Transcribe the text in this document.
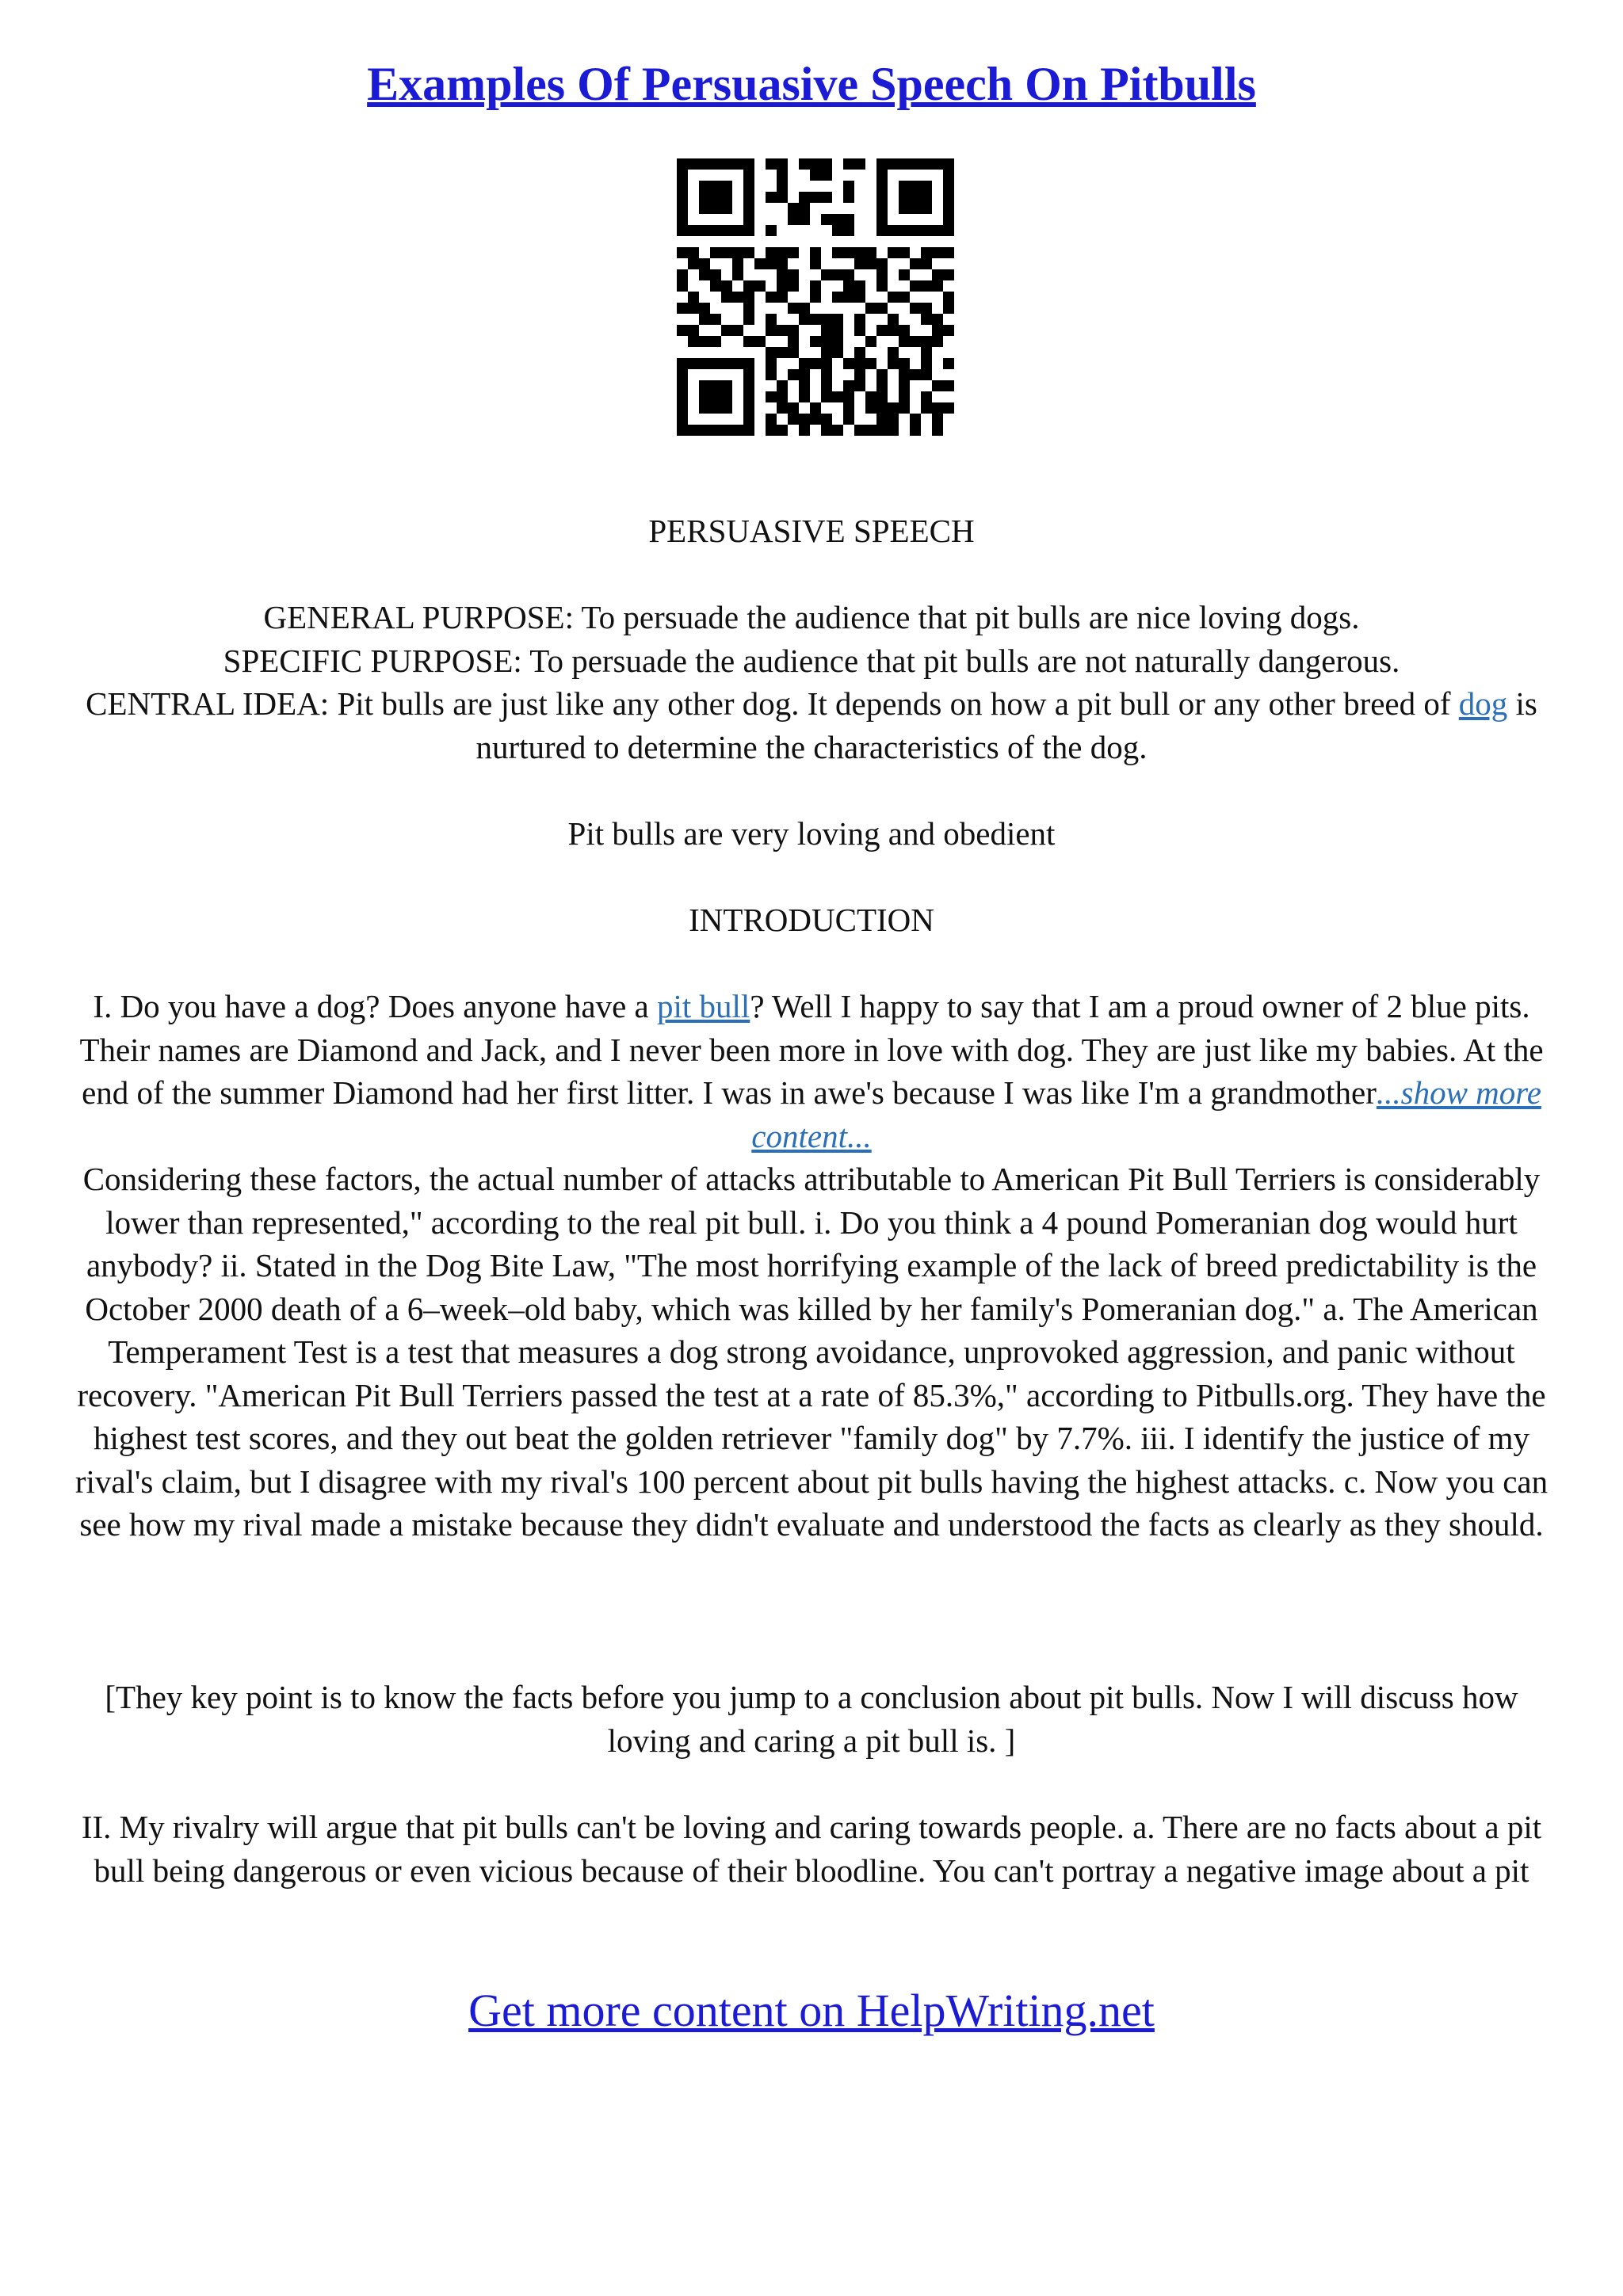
Examples Of Persuasive Speech On Pitbulls

PERSUASIVE SPEECH

GENERAL PURPOSE: To persuade the audience that pit bulls are nice loving dogs.
SPECIFIC PURPOSE: To persuade the audience that pit bulls are not naturally dangerous.
CENTRAL IDEA: Pit bulls are just like any other dog. It depends on how a pit bull or any other breed of dog is nurtured to determine the characteristics of the dog.

Pit bulls are very loving and obedient

INTRODUCTION

I. Do you have a dog? Does anyone have a pit bull? Well I happy to say that I am a proud owner of 2 blue pits. Their names are Diamond and Jack, and I never been more in love with dog. They are just like my babies. At the end of the summer Diamond had her first litter. I was in awe's because I was like I'm a grandmother...show more content...

Considering these factors, the actual number of attacks attributable to American Pit Bull Terriers is considerably lower than represented," according to the real pit bull. i. Do you think a 4 pound Pomeranian dog would hurt anybody? ii. Stated in the Dog Bite Law, "The most horrifying example of the lack of breed predictability is the October 2000 death of a 6–week–old baby, which was killed by her family's Pomeranian dog." a. The American Temperament Test is a test that measures a dog strong avoidance, unprovoked aggression, and panic without recovery. "American Pit Bull Terriers passed the test at a rate of 85.3%," according to Pitbulls.org. They have the highest test scores, and they out beat the golden retriever "family dog" by 7.7%. iii. I identify the justice of my rival's claim, but I disagree with my rival's 100 percent about pit bulls having the highest attacks. c. Now you can see how my rival made a mistake because they didn't evaluate and understood the facts as clearly as they should.

[They key point is to know the facts before you jump to a conclusion about pit bulls. Now I will discuss how loving and caring a pit bull is. ]

II. My rivalry will argue that pit bulls can't be loving and caring towards people. a. There are no facts about a pit bull being dangerous or even vicious because of their bloodline. You can't portray a negative image about a pit

Get more content on HelpWriting.net
